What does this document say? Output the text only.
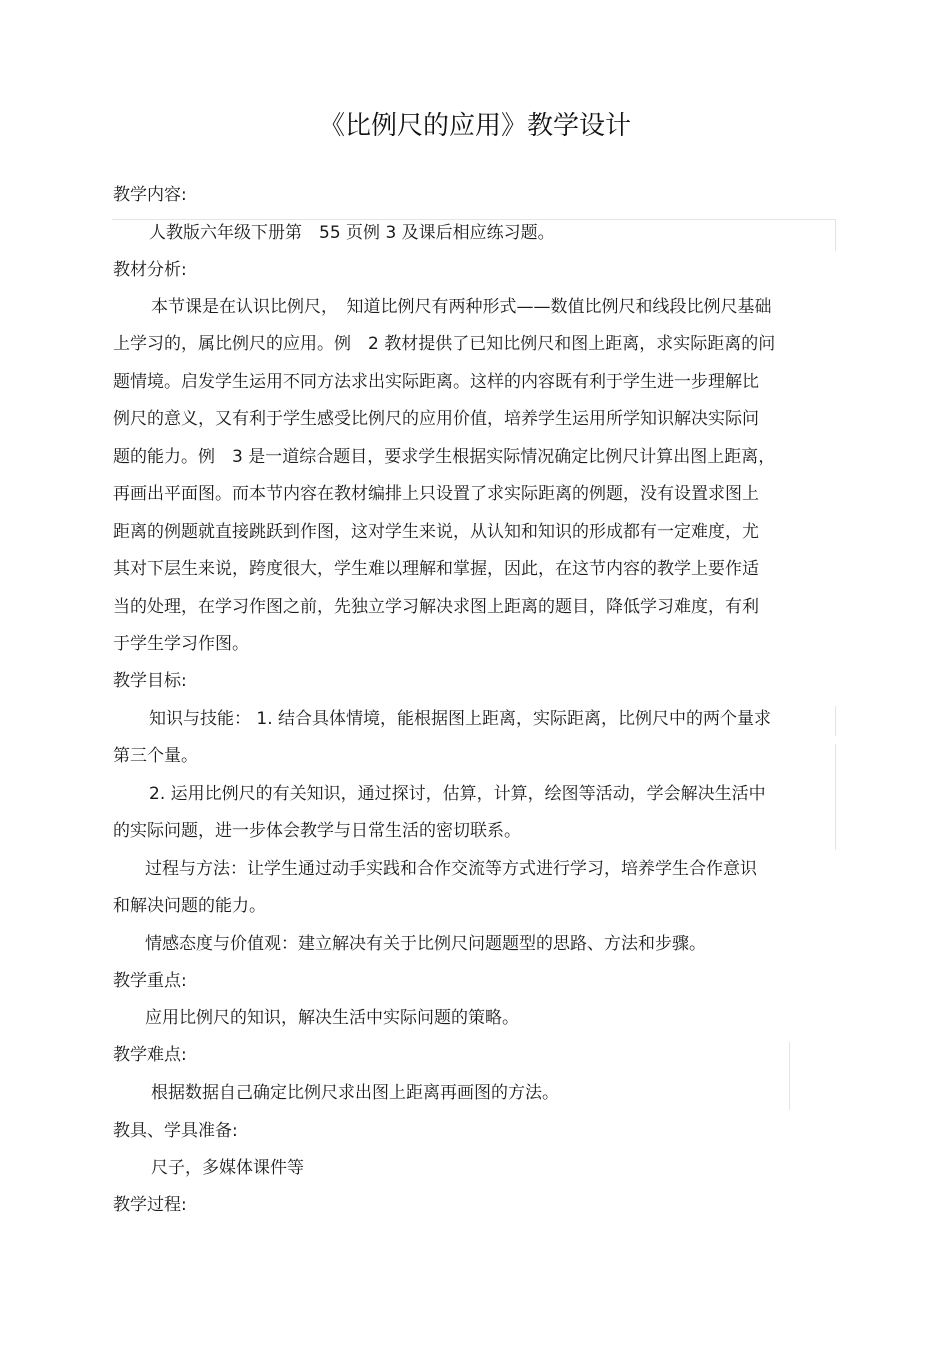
《比例尺的应用》教学设计
教学内容:
人教版六年级下册第　55 页例 3 及课后相应练习题。
教材分析:
本节课是在认识比例尺，　知道比例尺有两种形式——数值比例尺和线段比例尺基础
上学习的，属比例尺的应用。例　2 教材提供了已知比例尺和图上距离，求实际距离的问
题情境。启发学生运用不同方法求出实际距离。这样的内容既有利于学生进一步理解比
例尺的意义，又有利于学生感受比例尺的应用价值，培养学生运用所学知识解决实际问
题的能力。例　3 是一道综合题目，要求学生根据实际情况确定比例尺计算出图上距离，
再画出平面图。而本节内容在教材编排上只设置了求实际距离的例题，没有设置求图上
距离的例题就直接跳跃到作图，这对学生来说，从认知和知识的形成都有一定难度，尤
其对下层生来说，跨度很大，学生难以理解和掌握，因此，在这节内容的教学上要作适
当的处理，在学习作图之前，先独立学习解决求图上距离的题目，降低学习难度，有利
于学生学习作图。
教学目标:
知识与技能： 1. 结合具体情境，能根据图上距离，实际距离，比例尺中的两个量求
第三个量。
2. 运用比例尺的有关知识，通过探讨，估算，计算，绘图等活动，学会解决生活中
的实际问题，进一步体会教学与日常生活的密切联系。
过程与方法：让学生通过动手实践和合作交流等方式进行学习，培养学生合作意识
和解决问题的能力。
情感态度与价值观：建立解决有关于比例尺问题题型的思路、方法和步骤。
教学重点:
应用比例尺的知识，解决生活中实际问题的策略。
教学难点:
根据数据自己确定比例尺求出图上距离再画图的方法。
教具、学具准备:
尺子，多媒体课件等
教学过程:
